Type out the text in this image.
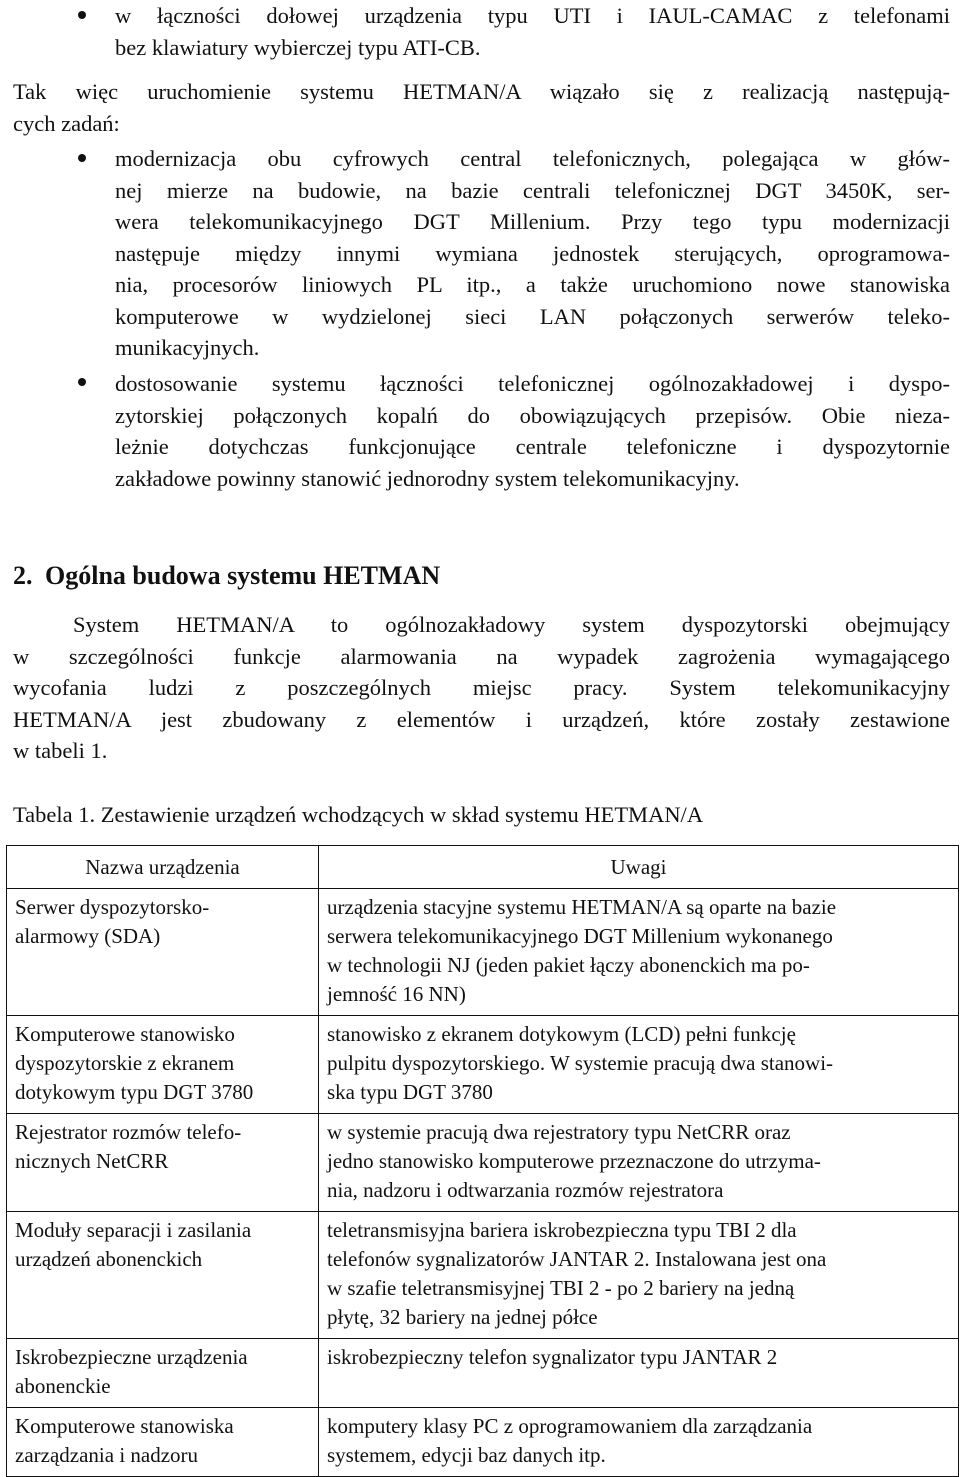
w łączności dołowej urządzenia typu UTI i IAUL-CAMAC z telefonami
bez klawiatury wybierczej typu ATI-CB.
Tak więc uruchomienie systemu HETMAN/A wiązało się z realizacją następują-
cych zadań:
modernizacja obu cyfrowych central telefonicznych, polegająca w głów-
nej mierze na budowie, na bazie centrali telefonicznej DGT 3450K, ser-
wera telekomunikacyjnego DGT Millenium. Przy tego typu modernizacji
następuje między innymi wymiana jednostek sterujących, oprogramowa-
nia, procesorów liniowych PL itp., a także uruchomiono nowe stanowiska
komputerowe w wydzielonej sieci LAN połączonych serwerów teleko-
munikacyjnych.
dostosowanie systemu łączności telefonicznej ogólnozakładowej i dyspo-
zytorskiej połączonych kopalń do obowiązujących przepisów. Obie nieza-
leżnie dotychczas funkcjonujące centrale telefoniczne i dyspozytornie
zakładowe powinny stanowić jednorodny system telekomunikacyjny.
2. Ogólna budowa systemu HETMAN
System HETMAN/A to ogólnozakładowy system dyspozytorski obejmujący
w szczególności funkcje alarmowania na wypadek zagrożenia wymagającego
wycofania ludzi z poszczególnych miejsc pracy. System telekomunikacyjny
HETMAN/A jest zbudowany z elementów i urządzeń, które zostały zestawione
w tabeli 1.
Tabela 1. Zestawienie urządzeń wchodzących w skład systemu HETMAN/A
Nazwa urządzenia	Uwagi

Serwer dyspozytorsko-
alarmowy (SDA)	urządzenia stacyjne systemu HETMAN/A są oparte na bazie
serwera telekomunikacyjnego DGT Millenium wykonanego
w technologii NJ (jeden pakiet łączy abonenckich ma po-
jemność 16 NN)

Komputerowe stanowisko
dyspozytorskie z ekranem
dotykowym typu DGT 3780	stanowisko z ekranem dotykowym (LCD) pełni funkcję
pulpitu dyspozytorskiego. W systemie pracują dwa stanowi-
ska typu DGT 3780

Rejestrator rozmów telefo-
nicznych NetCRR	w systemie pracują dwa rejestratory typu NetCRR oraz
jedno stanowisko komputerowe przeznaczone do utrzyma-
nia, nadzoru i odtwarzania rozmów rejestratora

Moduły separacji i zasilania
urządzeń abonenckich	teletransmisyjna bariera iskrobezpieczna typu TBI 2 dla
telefonów sygnalizatorów JANTAR 2. Instalowana jest ona
w szafie teletransmisyjnej TBI 2 - po 2 bariery na jedną
płytę, 32 bariery na jednej półce

Iskrobezpieczne urządzenia
abonenckie	iskrobezpieczny telefon sygnalizator typu JANTAR 2

Komputerowe stanowiska
zarządzania i nadzoru	komputery klasy PC z oprogramowaniem dla zarządzania
systemem, edycji baz danych itp.
